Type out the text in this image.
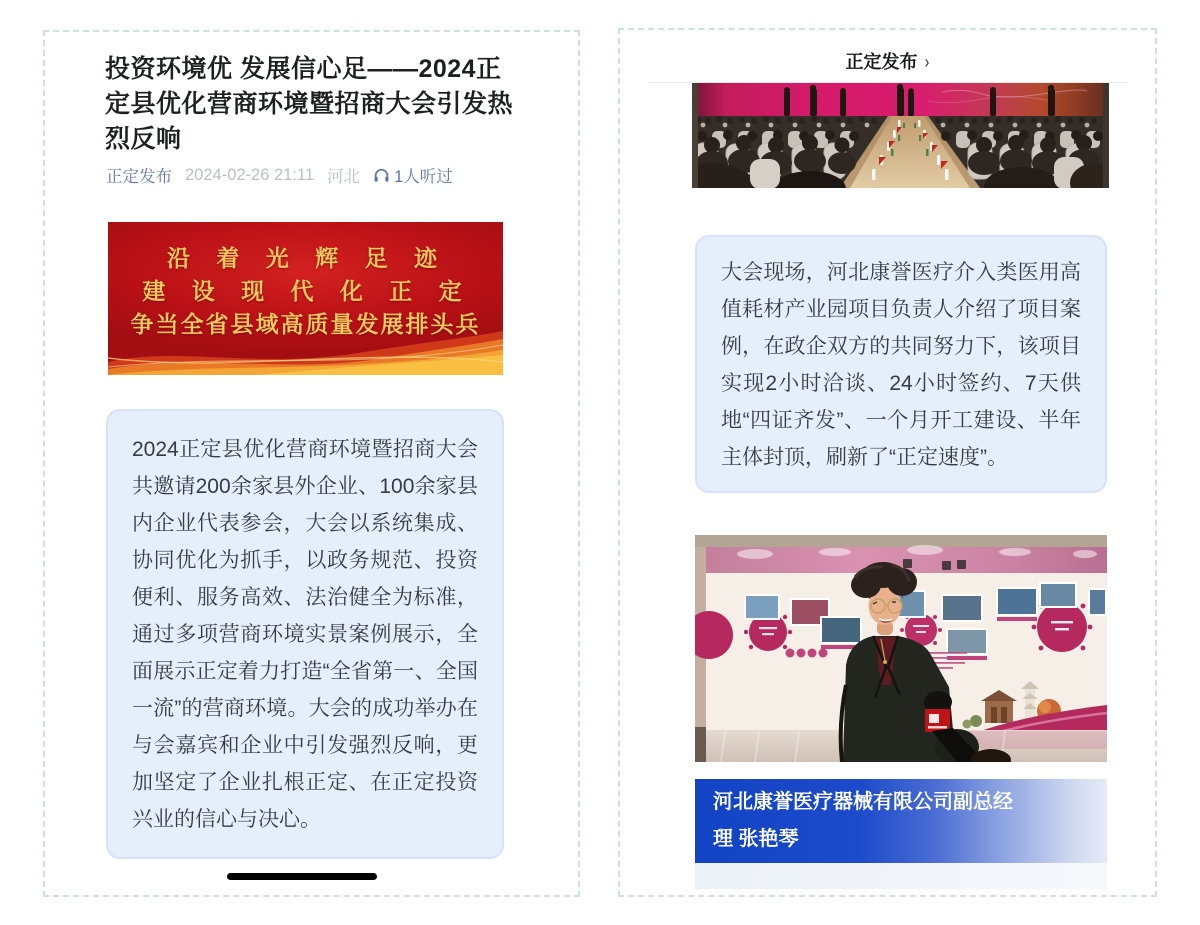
投资环境优 发展信心足——2024正定县优化营商环境暨招商大会引发热烈反响
正定发布 2024-02-26 21:11 河北 1人听过

沿 着 光 辉 足 迹

建 设 现 代 化 正 定

争当全省县域高质量发展排头兵

2024正定县优化营商环境暨招商大会共邀请200余家县外企业、100余家县内企业代表参会，大会以系统集成、协同优化为抓手，以政务规范、投资便利、服务高效、法治健全为标准，通过多项营商环境实景案例展示，全面展示正定着力打造“全省第一、全国一流”的营商环境。大会的成功举办在与会嘉宾和企业中引发强烈反响，更加坚定了企业扎根正定、在正定投资兴业的信心与决心。

正定发布 ›

大会现场，河北康誉医疗介入类医用高值耗材产业园项目负责人介绍了项目案例，在政企双方的共同努力下，该项目实现2小时洽谈、24小时签约、7天供地“四证齐发”、一个月开工建设、半年主体封顶，刷新了“正定速度”。

河北康誉医疗器械有限公司副总经理 张艳琴
